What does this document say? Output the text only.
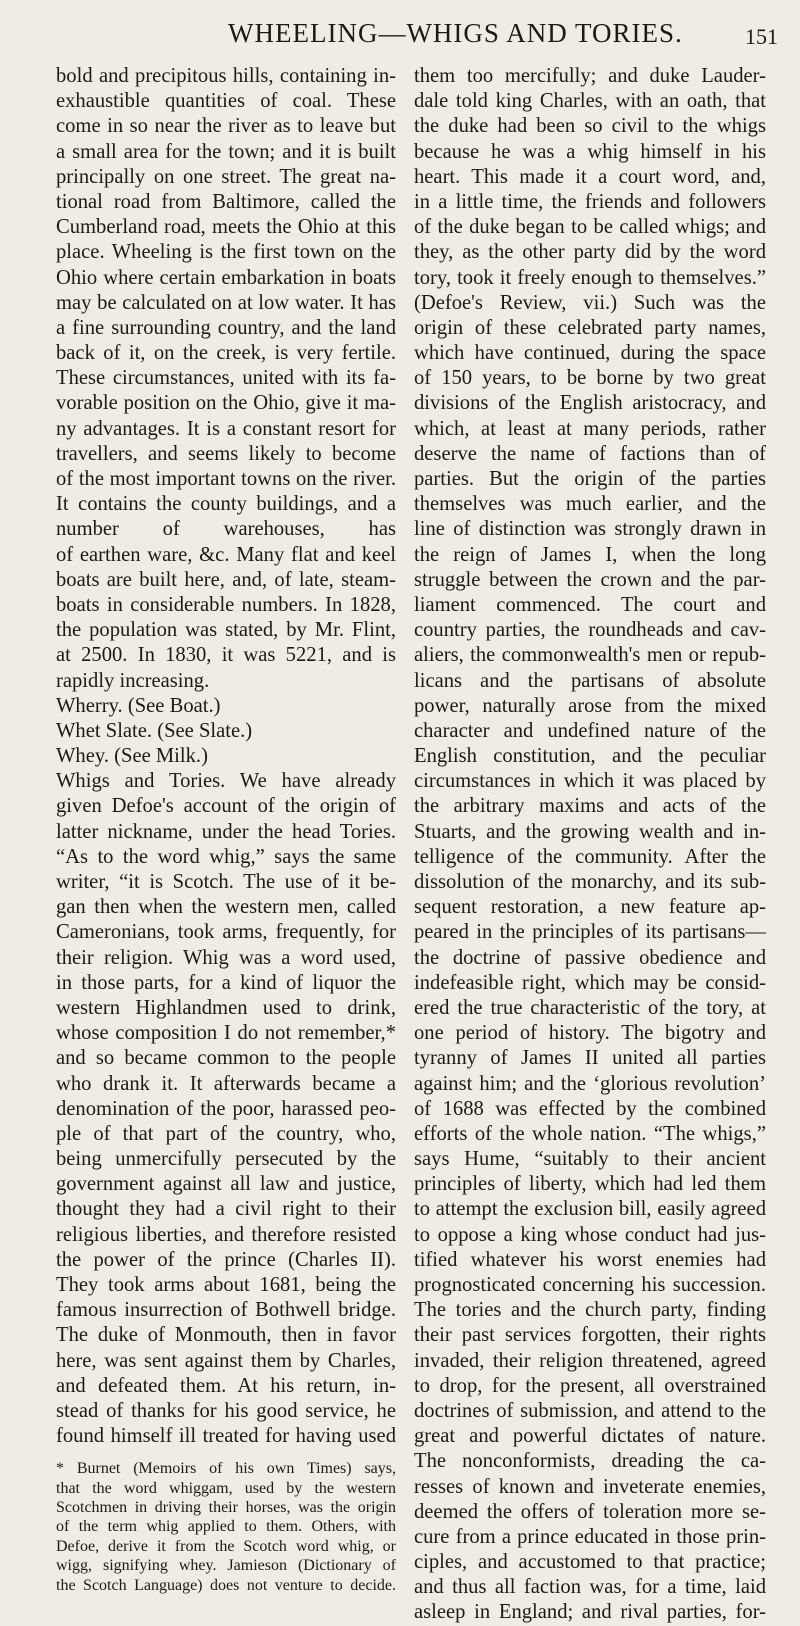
WHEELING—WHIGS AND TORIES.	151
bold and precipitous hills, containing in-
exhaustible quantities of coal. These
come in so near the river as to leave but
a small area for the town; and it is built
principally on one street. The great na-
tional road from Baltimore, called the
Cumberland road, meets the Ohio at this
place. Wheeling is the first town on the
Ohio where certain embarkation in boats
may be calculated on at low water. It has
a fine surrounding country, and the land
back of it, on the creek, is very fertile.
These circumstances, united with its fa-
vorable position on the Ohio, give it ma-
ny advantages. It is a constant resort for
travellers, and seems likely to become
of the most important towns on the river.
It contains the county buildings, and a
number of warehouses, has
of earthen ware, &c. Many flat and keel
boats are built here, and, of late, steam-
boats in considerable numbers. In 1828,
the population was stated, by Mr. Flint,
at 2500. In 1830, it was 5221, and is
rapidly increasing.
Wherry. (See Boat.)
Whet Slate. (See Slate.)
Whey. (See Milk.)
Whigs and Tories. We have already
given Defoe's account of the origin of
latter nickname, under the head Tories.
“As to the word whig,” says the same
writer, “it is Scotch. The use of it be-
gan then when the western men, called
Cameronians, took arms, frequently, for
their religion. Whig was a word used,
in those parts, for a kind of liquor the
western Highlandmen used to drink,
whose composition I do not remember,*
and so became common to the people
who drank it. It afterwards became a
denomination of the poor, harassed peo-
ple of that part of the country, who,
being unmercifully persecuted by the
government against all law and justice,
thought they had a civil right to their
religious liberties, and therefore resisted
the power of the prince (Charles II).
They took arms about 1681, being the
famous insurrection of Bothwell bridge.
The duke of Monmouth, then in favor
here, was sent against them by Charles,
and defeated them. At his return, in-
stead of thanks for his good service, he
found himself ill treated for having used
* Burnet (Memoirs of his own Times) says,
that the word whiggam, used by the western
Scotchmen in driving their horses, was the origin
of the term whig applied to them. Others, with
Defoe, derive it from the Scotch word whig, or
wigg, signifying whey. Jamieson (Dictionary of
the Scotch Language) does not venture to decide.
them too mercifully; and duke Lauder-
dale told king Charles, with an oath, that
the duke had been so civil to the whigs
because he was a whig himself in his
heart. This made it a court word, and,
in a little time, the friends and followers
of the duke began to be called whigs; and
they, as the other party did by the word
tory, took it freely enough to themselves.”
(Defoe's Review, vii.) Such was the
origin of these celebrated party names,
which have continued, during the space
of 150 years, to be borne by two great
divisions of the English aristocracy, and
which, at least at many periods, rather
deserve the name of factions than of
parties. But the origin of the parties
themselves was much earlier, and the
line of distinction was strongly drawn in
the reign of James I, when the long
struggle between the crown and the par-
liament commenced. The court and
country parties, the roundheads and cav-
aliers, the commonwealth's men or repub-
licans and the partisans of absolute
power, naturally arose from the mixed
character and undefined nature of the
English constitution, and the peculiar
circumstances in which it was placed by
the arbitrary maxims and acts of the
Stuarts, and the growing wealth and in-
telligence of the community. After the
dissolution of the monarchy, and its sub-
sequent restoration, a new feature ap-
peared in the principles of its partisans—
the doctrine of passive obedience and
indefeasible right, which may be consid-
ered the true characteristic of the tory, at
one period of history. The bigotry and
tyranny of James II united all parties
against him; and the ‘glorious revolution’
of 1688 was effected by the combined
efforts of the whole nation. “The whigs,”
says Hume, “suitably to their ancient
principles of liberty, which had led them
to attempt the exclusion bill, easily agreed
to oppose a king whose conduct had jus-
tified whatever his worst enemies had
prognosticated concerning his succession.
The tories and the church party, finding
their past services forgotten, their rights
invaded, their religion threatened, agreed
to drop, for the present, all overstrained
doctrines of submission, and attend to the
great and powerful dictates of nature.
The nonconformists, dreading the ca-
resses of known and inveterate enemies,
deemed the offers of toleration more se-
cure from a prince educated in those prin-
ciples, and accustomed to that practice;
and thus all faction was, for a time, laid
asleep in England; and rival parties, for-
